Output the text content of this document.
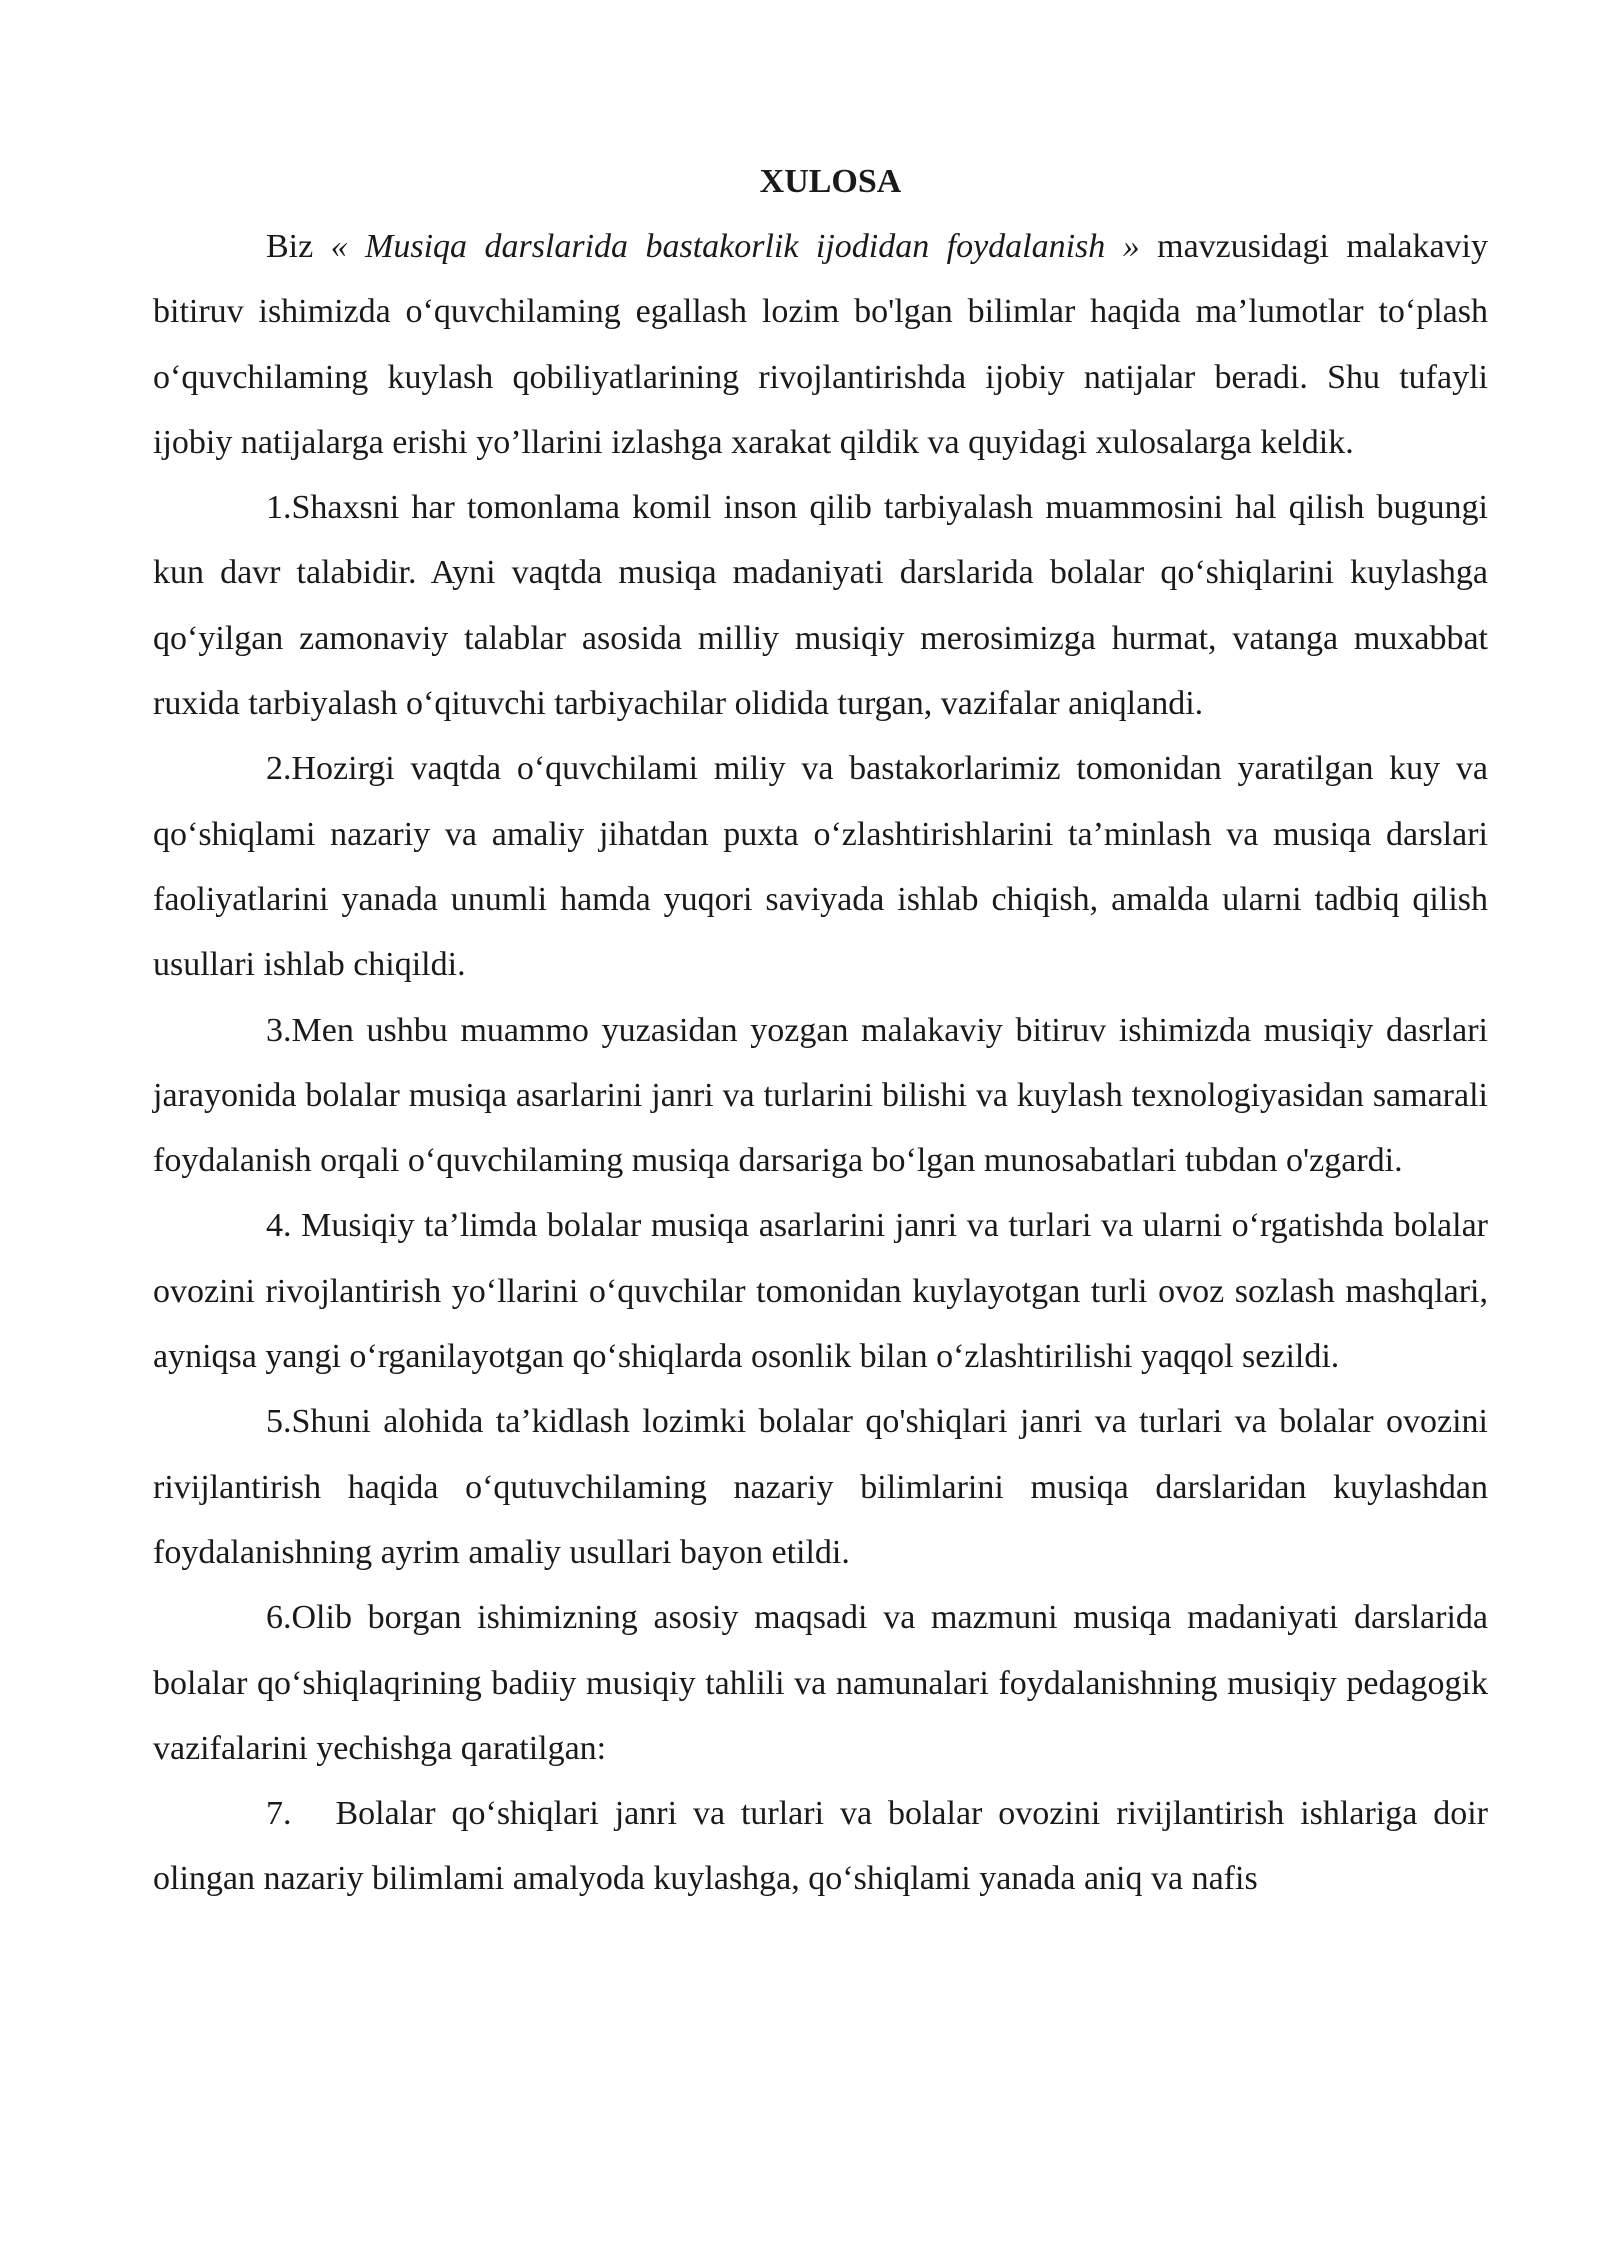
XULOSA

Biz « Musiqa darslarida bastakorlik ijodidan foydalanish » mavzusidagi malakaviy bitiruv ishimizda o‘quvchilaming egallash lozim bo'lgan bilimlar haqida ma’lumotlar to‘plash o‘quvchilaming kuylash qobiliyatlarining rivojlantirishda ijobiy natijalar beradi. Shu tufayli ijobiy natijalarga erishi yo’llarini izlashga xarakat qildik va quyidagi xulosalarga keldik.

1.Shaxsni har tomonlama komil inson qilib tarbiyalash muammosini hal qilish bugungi kun davr talabidir. Ayni vaqtda musiqa madaniyati darslarida bolalar qo‘shiqlarini kuylashga qo‘yilgan zamonaviy talablar asosida milliy musiqiy merosimizga hurmat, vatanga muxabbat ruxida tarbiyalash o‘qituvchi tarbiyachilar olidida turgan, vazifalar aniqlandi.

2.Hozirgi vaqtda o‘quvchilami miliy va bastakorlarimiz tomonidan yaratilgan kuy va qo‘shiqlami nazariy va amaliy jihatdan puxta o‘zlashtirishlarini ta’minlash va musiqa darslari faoliyatlarini yanada unumli hamda yuqori saviyada ishlab chiqish, amalda ularni tadbiq qilish usullari ishlab chiqildi.

3.Men ushbu muammo yuzasidan yozgan malakaviy bitiruv ishimizda musiqiy dasrlari jarayonida bolalar musiqa asarlarini janri va turlarini bilishi va kuylash texnologiyasidan samarali foydalanish orqali o‘quvchilaming musiqa darsariga bo‘lgan munosabatlari tubdan o'zgardi.

4. Musiqiy ta’limda bolalar musiqa asarlarini janri va turlari va ularni o‘rgatishda bolalar ovozini rivojlantirish yo‘llarini o‘quvchilar tomonidan kuylayotgan turli ovoz sozlash mashqlari, ayniqsa yangi o‘rganilayotgan qo‘shiqlarda osonlik bilan o‘zlashtirilishi yaqqol sezildi.

5.Shuni alohida ta’kidlash lozimki bolalar qo'shiqlari janri va turlari va bolalar ovozini rivijlantirish haqida o‘qutuvchilaming nazariy bilimlarini musiqa darslaridan kuylashdan foydalanishning ayrim amaliy usullari bayon etildi.

6.Olib borgan ishimizning asosiy maqsadi va mazmuni musiqa madaniyati darslarida bolalar qo‘shiqlaqrining badiiy musiqiy tahlili va namunalari foydalanishning musiqiy pedagogik vazifalarini yechishga qaratilgan:

7. Bolalar qo‘shiqlari janri va turlari va bolalar ovozini rivijlantirish ishlariga doir olingan nazariy bilimlami amalyoda kuylashga, qo‘shiqlami yanada aniq va nafis
